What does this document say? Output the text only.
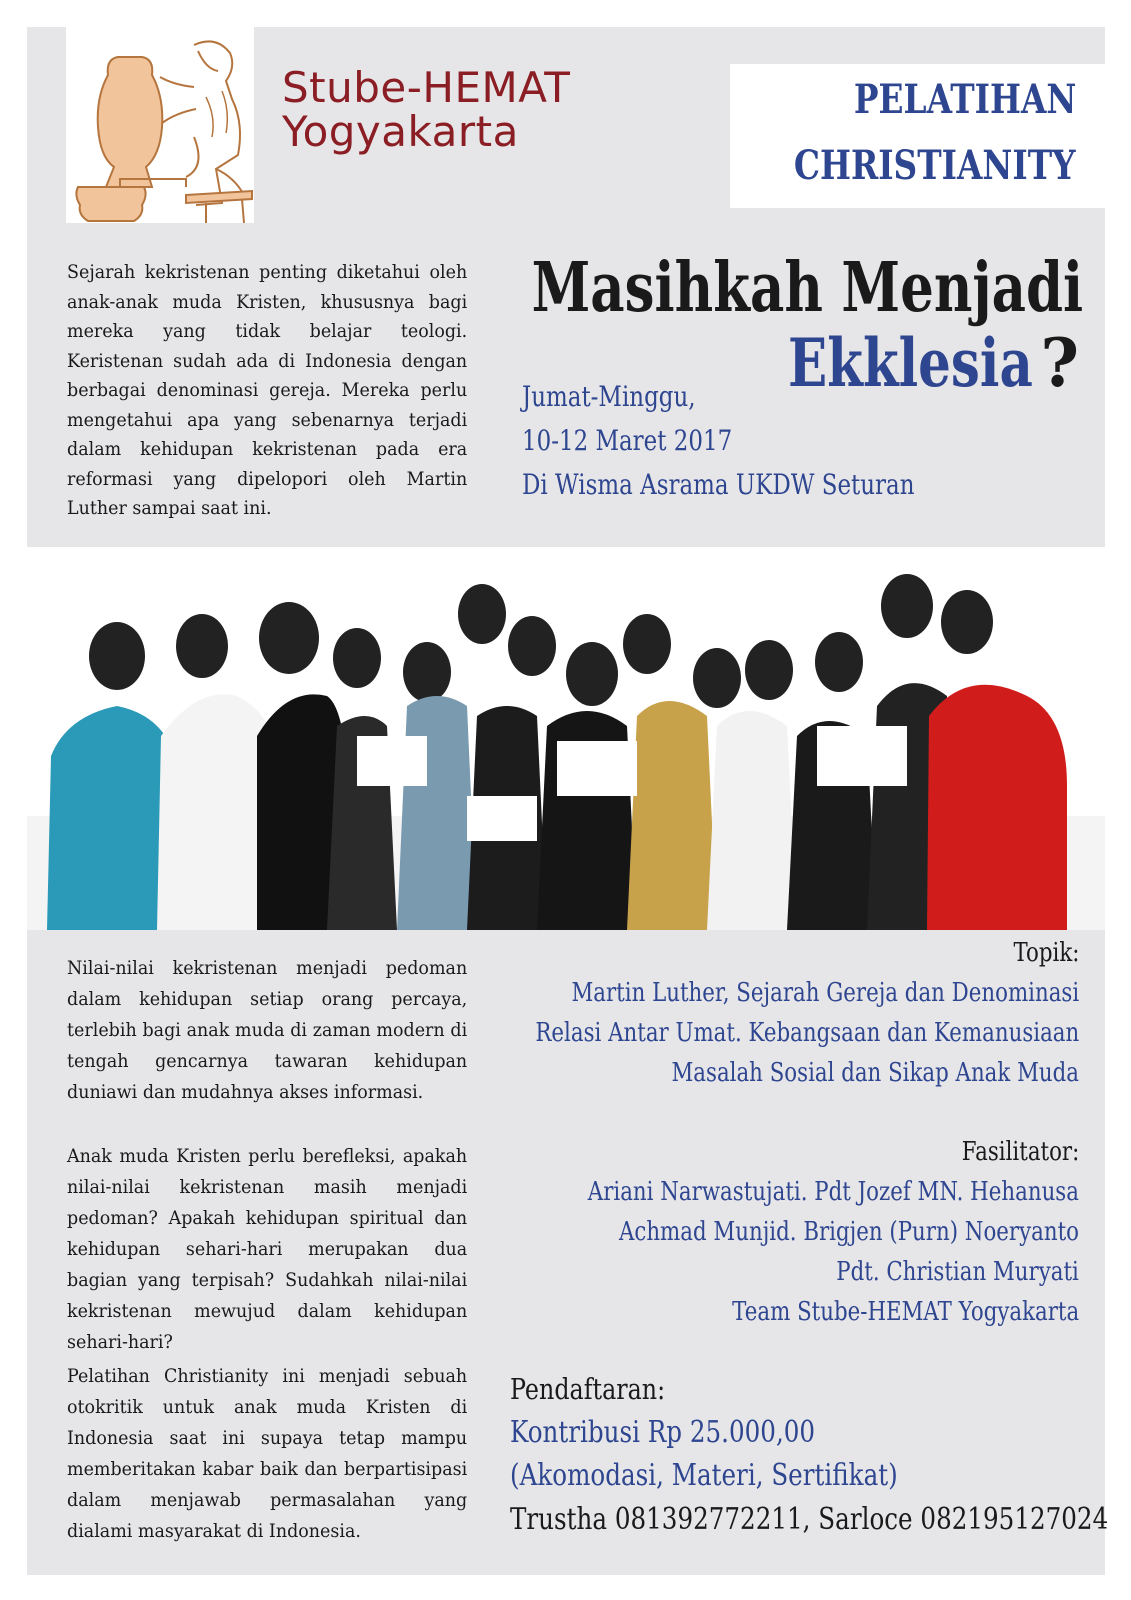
Stube-HEMAT
Yogyakarta
PELATIHAN
CHRISTIANITY
Sejarah kekristenan penting diketahui oleh anak-anak muda Kristen, khususnya bagi mereka yang tidak belajar teologi. Keristenan sudah ada di Indonesia dengan berbagai denominasi gereja. Mereka perlu mengetahui apa yang sebenarnya terjadi dalam kehidupan kekristenan pada era reformasi yang dipelopori oleh Martin Luther sampai saat ini.
Masihkah Menjadi
Ekklesia ?
Jumat-Minggu,
10-12 Maret 2017
Di Wisma Asrama UKDW Seturan
Nilai-nilai kekristenan menjadi pedoman dalam kehidupan setiap orang percaya, terlebih bagi anak muda di zaman modern di tengah gencarnya tawaran kehidupan duniawi dan mudahnya akses informasi.
Anak muda Kristen perlu berefleksi, apakah nilai-nilai kekristenan masih menjadi pedoman? Apakah kehidupan spiritual dan kehidupan sehari-hari merupakan dua bagian yang terpisah? Sudahkah nilai-nilai kekristenan mewujud dalam kehidupan sehari-hari?
Pelatihan Christianity ini menjadi sebuah otokritik untuk anak muda Kristen di Indonesia saat ini supaya tetap mampu memberitakan kabar baik dan berpartisipasi dalam menjawab permasalahan yang dialami masyarakat di Indonesia.
Topik:
Martin Luther, Sejarah Gereja dan Denominasi
Relasi Antar Umat. Kebangsaan dan Kemanusiaan
Masalah Sosial dan Sikap Anak Muda
Fasilitator:
Ariani Narwastujati. Pdt Jozef MN. Hehanusa
Achmad Munjid. Brigjen (Purn) Noeryanto
Pdt. Christian Muryati
Team Stube-HEMAT Yogyakarta
Pendaftaran:
Kontribusi Rp 25.000,00
(Akomodasi, Materi, Sertifikat)
Trustha 081392772211, Sarloce 082195127024
